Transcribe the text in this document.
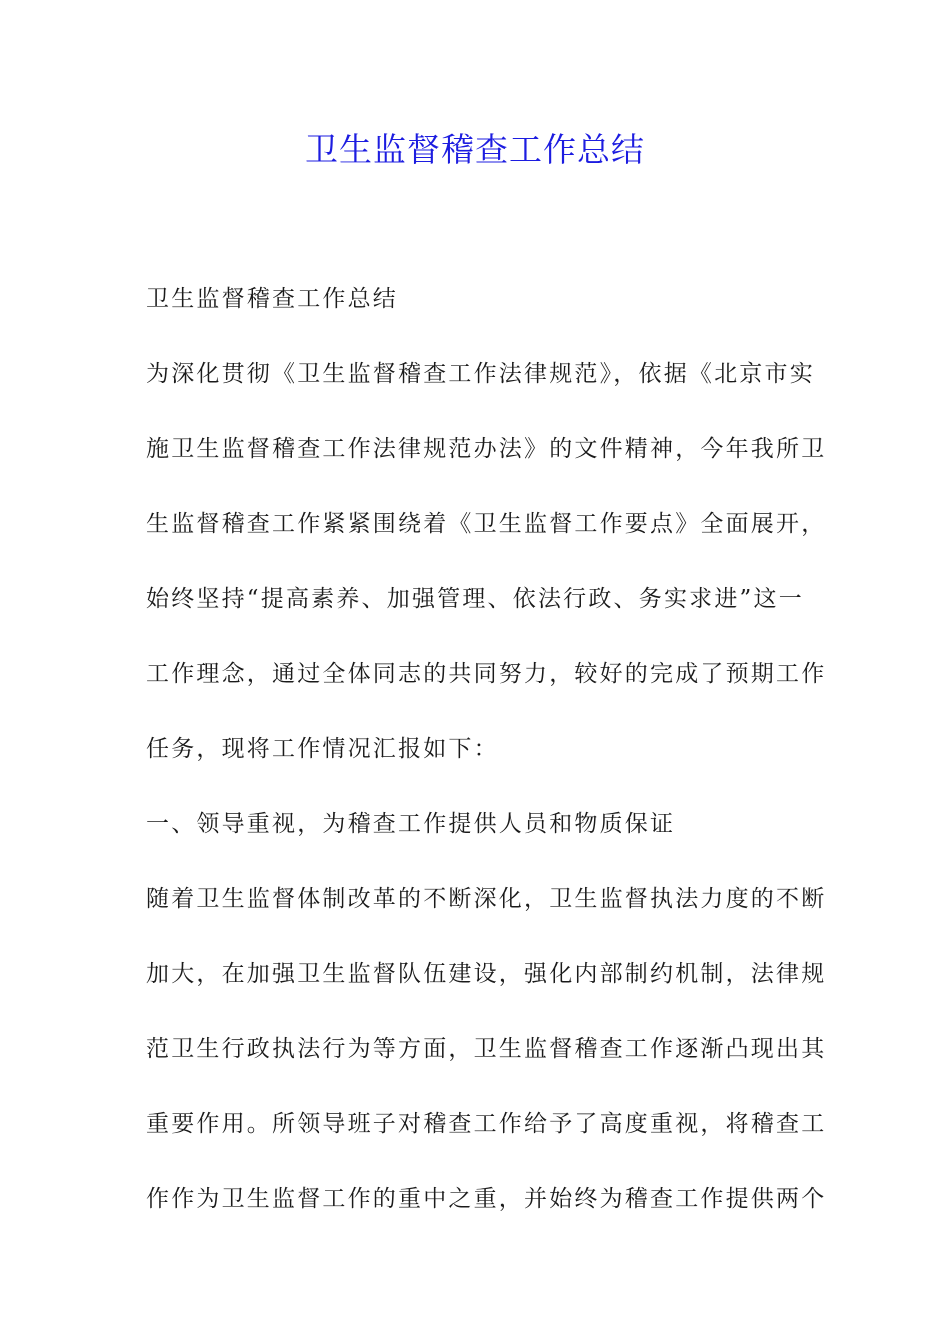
卫生监督稽查工作总结
卫生监督稽查工作总结
为深化贯彻《卫生监督稽查工作法律规范》，依据《北京市实
施卫生监督稽查工作法律规范办法》的文件精神，今年我所卫
生监督稽查工作紧紧围绕着《卫生监督工作要点》全面展开，
始终坚持“提高素养、加强管理、依法行政、务实求进”这一
工作理念，通过全体同志的共同努力，较好的完成了预期工作
任务，现将工作情况汇报如下：
一、领导重视，为稽查工作提供人员和物质保证
随着卫生监督体制改革的不断深化，卫生监督执法力度的不断
加大，在加强卫生监督队伍建设，强化内部制约机制，法律规
范卫生行政执法行为等方面，卫生监督稽查工作逐渐凸现出其
重要作用。所领导班子对稽查工作给予了高度重视，将稽查工
作作为卫生监督工作的重中之重，并始终为稽查工作提供两个
